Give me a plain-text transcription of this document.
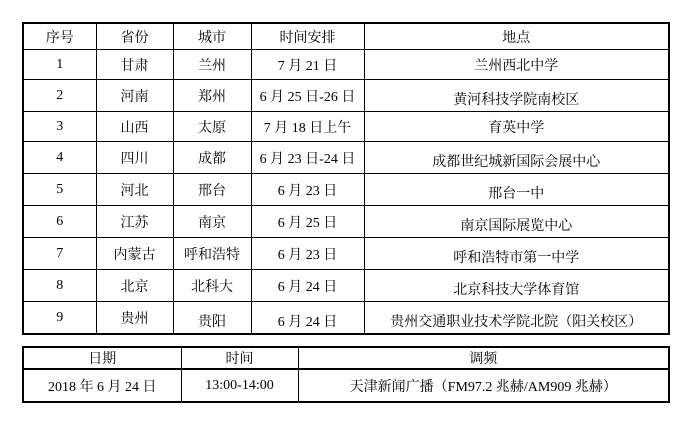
序号	省份	城市	时间安排	地点
1	甘肃	兰州	7 月 21 日	兰州西北中学
2	河南	郑州	6 月 25 日-26 日	黄河科技学院南校区
3	山西	太原	7 月 18 日上午	育英中学
4	四川	成都	6 月 23 日-24 日	成都世纪城新国际会展中心
5	河北	邢台	6 月 23 日	邢台一中
6	江苏	南京	6 月 25 日	南京国际展览中心
7	内蒙古	呼和浩特	6 月 23 日	呼和浩特市第一中学
8	北京	北科大	6 月 24 日	北京科技大学体育馆
9	贵州	贵阳	6 月 24 日	贵州交通职业技术学院北院（阳关校区）
日期	时间	调频
2018 年 6 月 24 日	13:00-14:00	天津新闻广播（FM97.2 兆赫/AM909 兆赫）
